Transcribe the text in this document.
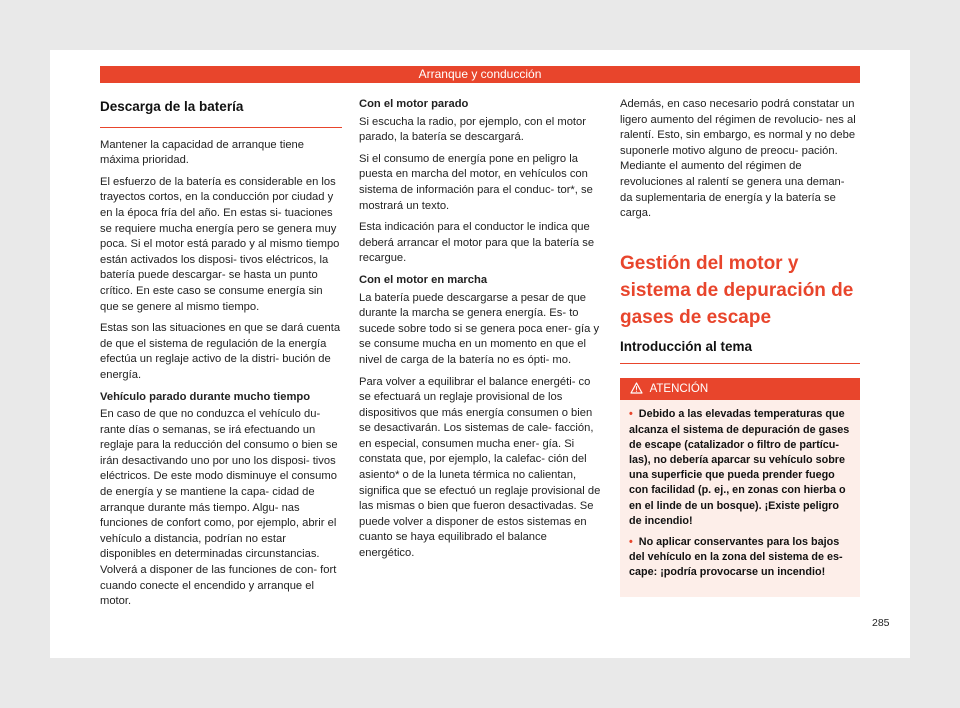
Arranque y conducción
Descarga de la batería

Mantener la capacidad de arranque tiene máxima prioridad.

El esfuerzo de la batería es considerable en los trayectos cortos, en la conducción por ciudad y en la época fría del año. En estas si- tuaciones se requiere mucha energía pero se genera muy poca. Si el motor está parado y al mismo tiempo están activados los disposi- tivos eléctricos, la batería puede descargar- se hasta un punto crítico. En este caso se consume energía sin que se genere al mismo tiempo.

Estas son las situaciones en que se dará cuenta de que el sistema de regulación de la energía efectúa un reglaje activo de la distri- bución de energía.

Vehículo parado durante mucho tiempo

En caso de que no conduzca el vehículo du- rante días o semanas, se irá efectuando un reglaje para la reducción del consumo o bien se irán desactivando uno por uno los disposi- tivos eléctricos. De este modo disminuye el consumo de energía y se mantiene la capa- cidad de arranque durante más tiempo. Algu- nas funciones de confort como, por ejemplo, abrir el vehículo a distancia, podrían no estar disponibles en determinadas circunstancias. Volverá a disponer de las funciones de con- fort cuando conecte el encendido y arranque el motor.

Con el motor parado

Si escucha la radio, por ejemplo, con el motor parado, la batería se descargará.

Si el consumo de energía pone en peligro la puesta en marcha del motor, en vehículos con sistema de información para el conduc- tor*, se mostrará un texto.

Esta indicación para el conductor le indica que deberá arrancar el motor para que la batería se recargue.

Con el motor en marcha

La batería puede descargarse a pesar de que durante la marcha se genera energía. Es- to sucede sobre todo si se genera poca ener- gía y se consume mucha en un momento en que el nivel de carga de la batería no es ópti- mo.

Para volver a equilibrar el balance energéti- co se efectuará un reglaje provisional de los dispositivos que más energía consumen o bien se desactivarán. Los sistemas de cale- facción, en especial, consumen mucha ener- gía. Si constata que, por ejemplo, la calefac- ción del asiento* o de la luneta térmica no calientan, significa que se efectuó un reglaje provisional de las mismas o bien que fueron desactivadas. Se puede volver a disponer de estos sistemas en cuanto se haya equilibrado el balance energético.

Además, en caso necesario podrá constatar un ligero aumento del régimen de revolucio- nes al ralentí. Esto, sin embargo, es normal y no debe suponerle motivo alguno de preocu- pación. Mediante el aumento del régimen de revoluciones al ralentí se genera una deman- da suplementaria de energía y la batería se carga.

Gestión del motor y sistema de depuración de gases de escape
Introducción al tema
ATENCIÓN

• Debido a las elevadas temperaturas que alcanza el sistema de depuración de gases de escape (catalizador o filtro de partícu- las), no debería aparcar su vehículo sobre una superficie que pueda prender fuego con facilidad (p. ej., en zonas con hierba o en el linde de un bosque). ¡Existe peligro de incendio!

• No aplicar conservantes para los bajos del vehículo en la zona del sistema de es- cape: ¡podría provocarse un incendio!

285
